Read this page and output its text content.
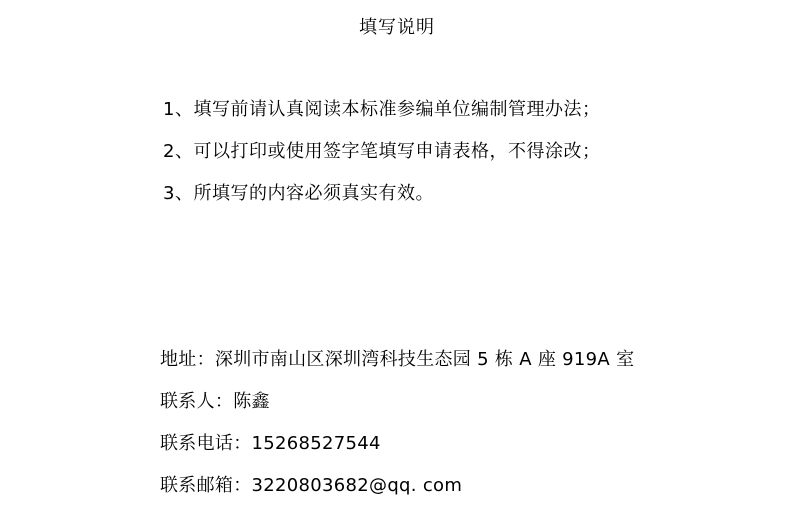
填写说明
1、填写前请认真阅读本标准参编单位编制管理办法；
2、可以打印或使用签字笔填写申请表格，不得涂改；
3、所填写的内容必须真实有效。
地址：深圳市南山区深圳湾科技生态园 5 栋 A 座 919A 室
联系人：陈鑫
联系电话：15268527544
联系邮箱：3220803682@qq. com
